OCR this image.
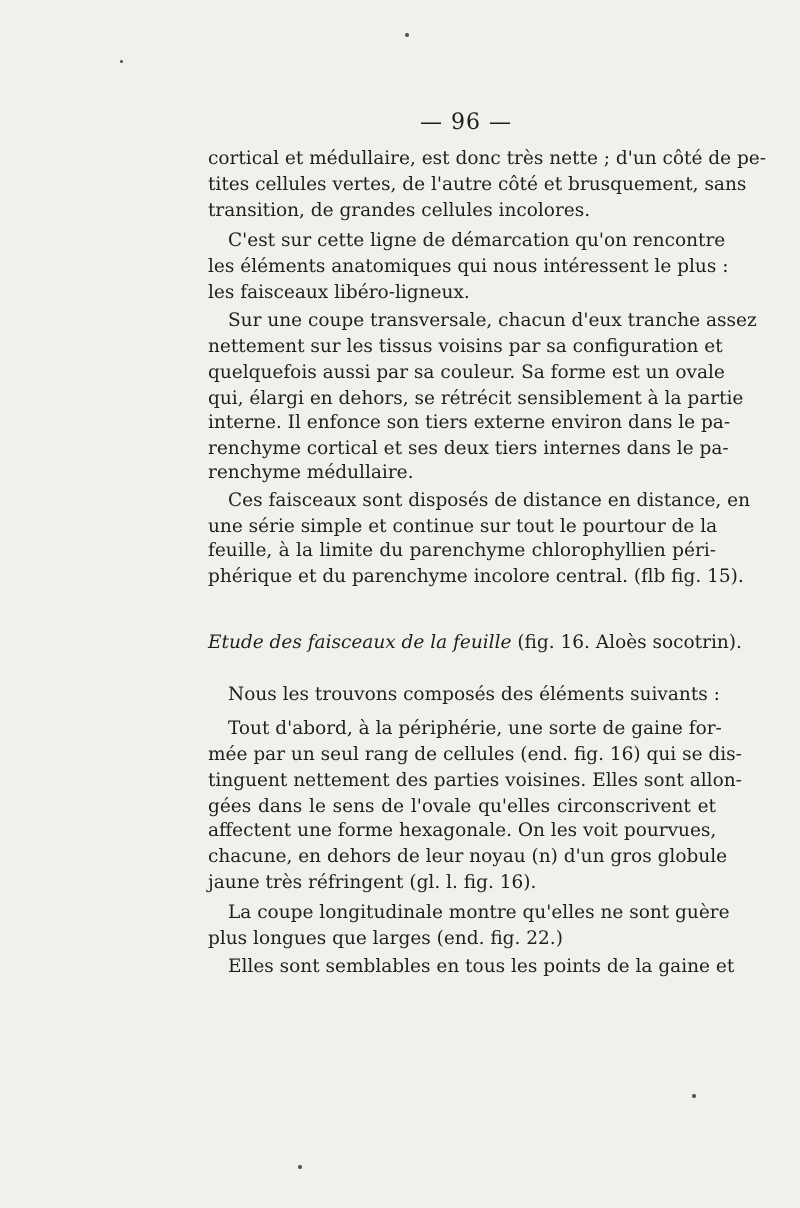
— 96 —
cortical et médullaire, est donc très nette ; d'un côté de pe-
tites cellules vertes, de l'autre côté et brusquement, sans
transition, de grandes cellules incolores.
C'est sur cette ligne de démarcation qu'on rencontre
les éléments anatomiques qui nous intéressent le plus :
les faisceaux libéro-ligneux.
Sur une coupe transversale, chacun d'eux tranche assez
nettement sur les tissus voisins par sa configuration et
quelquefois aussi par sa couleur. Sa forme est un ovale
qui, élargi en dehors, se rétrécit sensiblement à la partie
interne. Il enfonce son tiers externe environ dans le pa-
renchyme cortical et ses deux tiers internes dans le pa-
renchyme médullaire.
Ces faisceaux sont disposés de distance en distance, en
une série simple et continue sur tout le pourtour de la
feuille, à la limite du parenchyme chlorophyllien péri-
phérique et du parenchyme incolore central. (flb fig. 15).
Etude des faisceaux de la feuille (fig. 16. Aloès socotrin).
Nous les trouvons composés des éléments suivants :
Tout d'abord, à la périphérie, une sorte de gaine for-
mée par un seul rang de cellules (end. fig. 16) qui se dis-
tinguent nettement des parties voisines. Elles sont allon-
gées dans le sens de l'ovale qu'elles circonscrivent et
affectent une forme hexagonale. On les voit pourvues,
chacune, en dehors de leur noyau (n) d'un gros globule
jaune très réfringent (gl. l. fig. 16).
La coupe longitudinale montre qu'elles ne sont guère
plus longues que larges (end. fig. 22.)
Elles sont semblables en tous les points de la gaine et
